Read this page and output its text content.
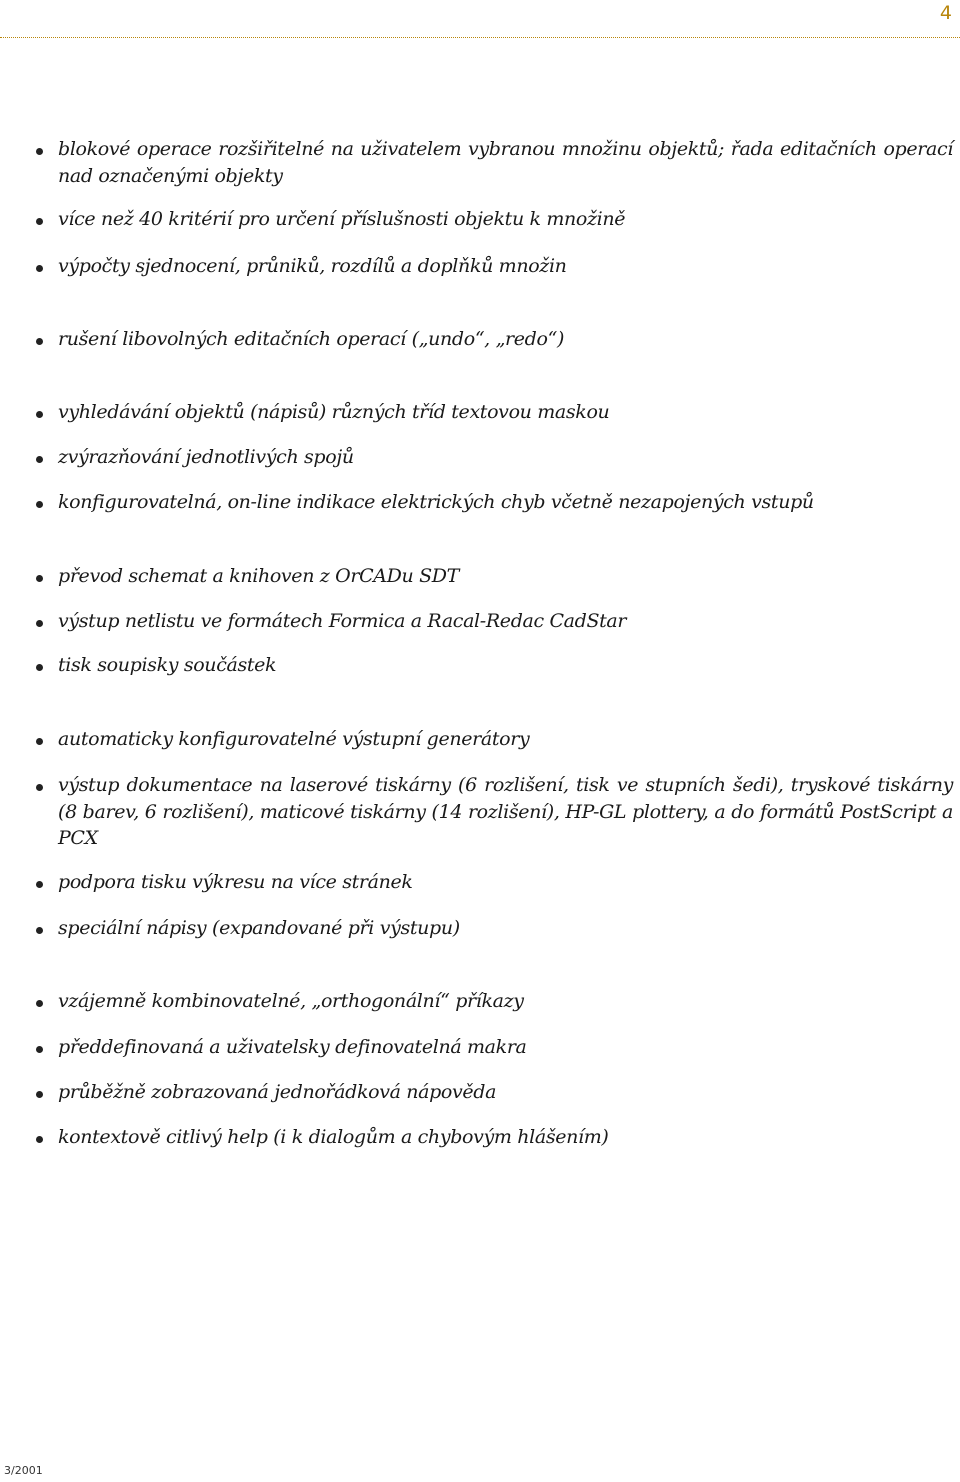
4
blokové operace rozšiřitelné na uživatelem vybranou množinu objektů; řada editačních operací nad označenými objekty
více než 40 kritérií pro určení příslušnosti objektu k množině
výpočty sjednocení, průniků, rozdílů a doplňků množin
rušení libovolných editačních operací („undo“, „redo“)
vyhledávání objektů (nápisů) různých tříd textovou maskou
zvýrazňování jednotlivých spojů
konfigurovatelná, on-line indikace elektrických chyb včetně nezapojených vstupů
převod schemat a knihoven z OrCADu SDT
výstup netlistu ve formátech Formica a Racal-Redac CadStar
tisk soupisky součástek
automaticky konfigurovatelné výstupní generátory
výstup dokumentace na laserové tiskárny (6 rozlišení, tisk ve stupních šedi), tryskové tiskárny (8 barev, 6 rozlišení), maticové tiskárny (14 rozlišení), HP-GL plottery, a do formátů PostScript a PCX
podpora tisku výkresu na více stránek
speciální nápisy (expandované při výstupu)
vzájemně kombinovatelné, „orthogonální“ příkazy
předdefinovaná a uživatelsky definovatelná makra
průběžně zobrazovaná jednořádková nápověda
kontextově citlivý help (i k dialogům a chybovým hlášením)
3/2001
